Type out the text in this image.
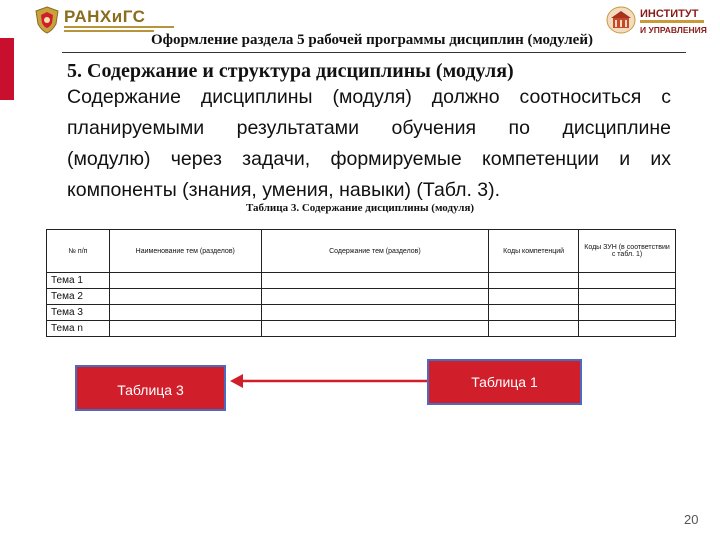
РАНХиГС	ИНСТИТУТ
И УПРАВЛЕНИЯ
Оформление раздела 5 рабочей программы дисциплин (модулей)
5. Содержание и структура дисциплины (модуля)
Содержание дисциплины (модуля) должно соотноситься с
планируемыми результатами обучения по дисциплине
(модулю) через задачи, формируемые компетенции и их
компоненты (знания, умения, навыки) (Табл. 3).
Таблица 3. Содержание дисциплины (модуля)
№ п/п	Наименование тем (разделов)	Содержание тем (разделов)	Коды компетенций	Коды ЗУН (в соответствии с табл. 1)
Тема 1				
Тема 2				
Тема 3				
Тема n				
Таблица 3	Таблица 1
20
